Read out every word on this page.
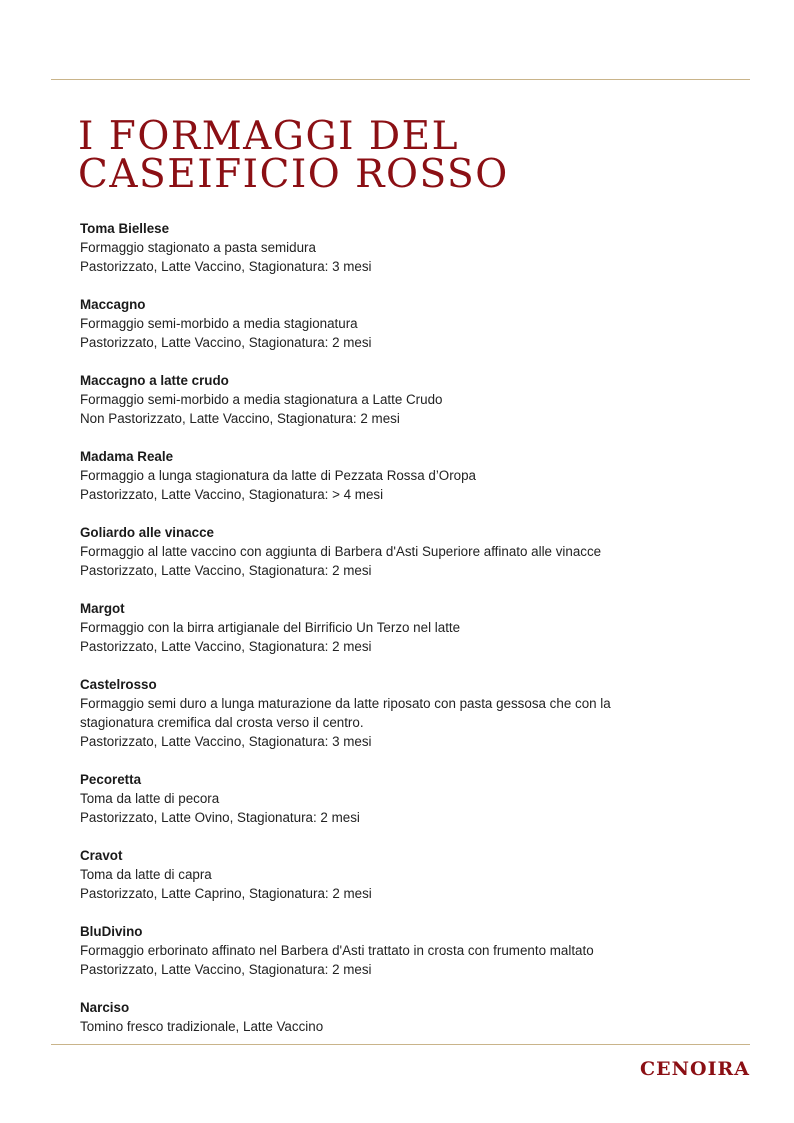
I FORMAGGI DEL
CASEIFICIO ROSSO
Toma Biellese
Formaggio stagionato a pasta semidura
Pastorizzato, Latte Vaccino, Stagionatura: 3 mesi
Maccagno
Formaggio semi-morbido a media stagionatura
Pastorizzato, Latte Vaccino, Stagionatura: 2 mesi
Maccagno a latte crudo
Formaggio semi-morbido a media stagionatura a Latte Crudo
Non Pastorizzato, Latte Vaccino, Stagionatura: 2 mesi
Madama Reale
Formaggio a lunga stagionatura da latte di Pezzata Rossa d’Oropa
Pastorizzato, Latte Vaccino, Stagionatura: > 4 mesi
Goliardo alle vinacce
Formaggio al latte vaccino con aggiunta di Barbera d'Asti Superiore affinato alle vinacce
Pastorizzato, Latte Vaccino, Stagionatura: 2 mesi
Margot
Formaggio con la birra artigianale del Birrificio Un Terzo nel latte
Pastorizzato, Latte Vaccino, Stagionatura: 2 mesi
Castelrosso
Formaggio semi duro a lunga maturazione da latte riposato con pasta gessosa che con la
stagionatura cremifica dal crosta verso il centro.
Pastorizzato, Latte Vaccino, Stagionatura: 3 mesi
Pecoretta
Toma da latte di pecora
Pastorizzato, Latte Ovino, Stagionatura: 2 mesi
Cravot
Toma da latte di capra
Pastorizzato, Latte Caprino, Stagionatura: 2 mesi
BluDivino
Formaggio erborinato affinato nel Barbera d'Asti trattato in crosta con frumento maltato
Pastorizzato, Latte Vaccino, Stagionatura: 2 mesi
Narciso
Tomino fresco tradizionale, Latte Vaccino
CENOIRA
